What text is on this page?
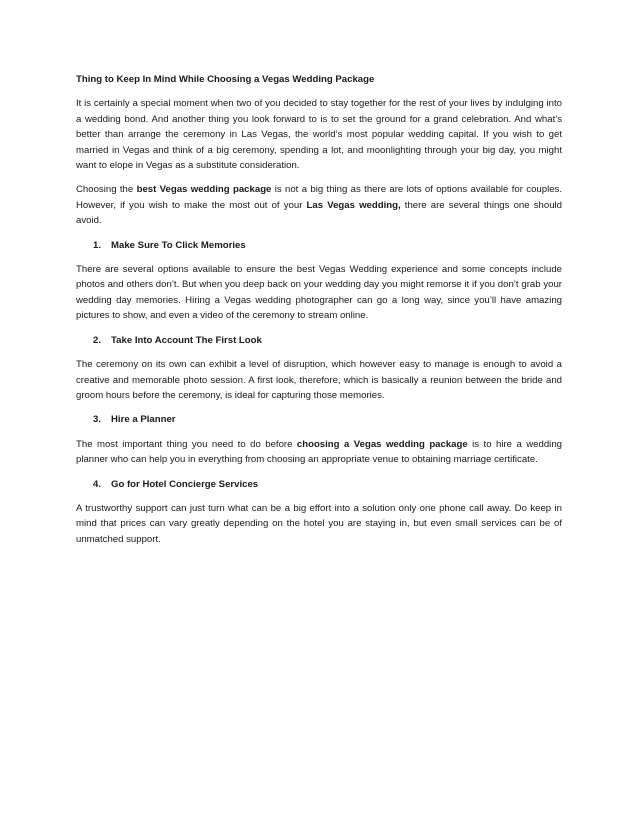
Thing to Keep In Mind While Choosing a Vegas Wedding Package

It is certainly a special moment when two of you decided to stay together for the rest of your lives by indulging into a wedding bond. And another thing you look forward to is to set the ground for a grand celebration. And what’s better than arrange the ceremony in Las Vegas, the world’s most popular wedding capital. If you wish to get married in Vegas and think of a big ceremony, spending a lot, and moonlighting through your big day, you might want to elope in Vegas as a substitute consideration.

Choosing the best Vegas wedding package is not a big thing as there are lots of options available for couples. However, if you wish to make the most out of your Las Vegas wedding, there are several things one should avoid.

1. Make Sure To Click Memories

There are several options available to ensure the best Vegas Wedding experience and some concepts include photos and others don’t. But when you deep back on your wedding day you might remorse it if you don’t grab your wedding day memories. Hiring a Vegas wedding photographer can go a long way, since you’ll have amazing pictures to show, and even a video of the ceremony to stream online.

2. Take Into Account The First Look

The ceremony on its own can exhibit a level of disruption, which however easy to manage is enough to avoid a creative and memorable photo session. A first look, therefore, which is basically a reunion between the bride and groom hours before the ceremony, is ideal for capturing those memories.

3. Hire a Planner

The most important thing you need to do before choosing a Vegas wedding package is to hire a wedding planner who can help you in everything from choosing an appropriate venue to obtaining marriage certificate.

4. Go for Hotel Concierge Services

A trustworthy support can just turn what can be a big effort into a solution only one phone call away. Do keep in mind that prices can vary greatly depending on the hotel you are staying in, but even small services can be of unmatched support.
